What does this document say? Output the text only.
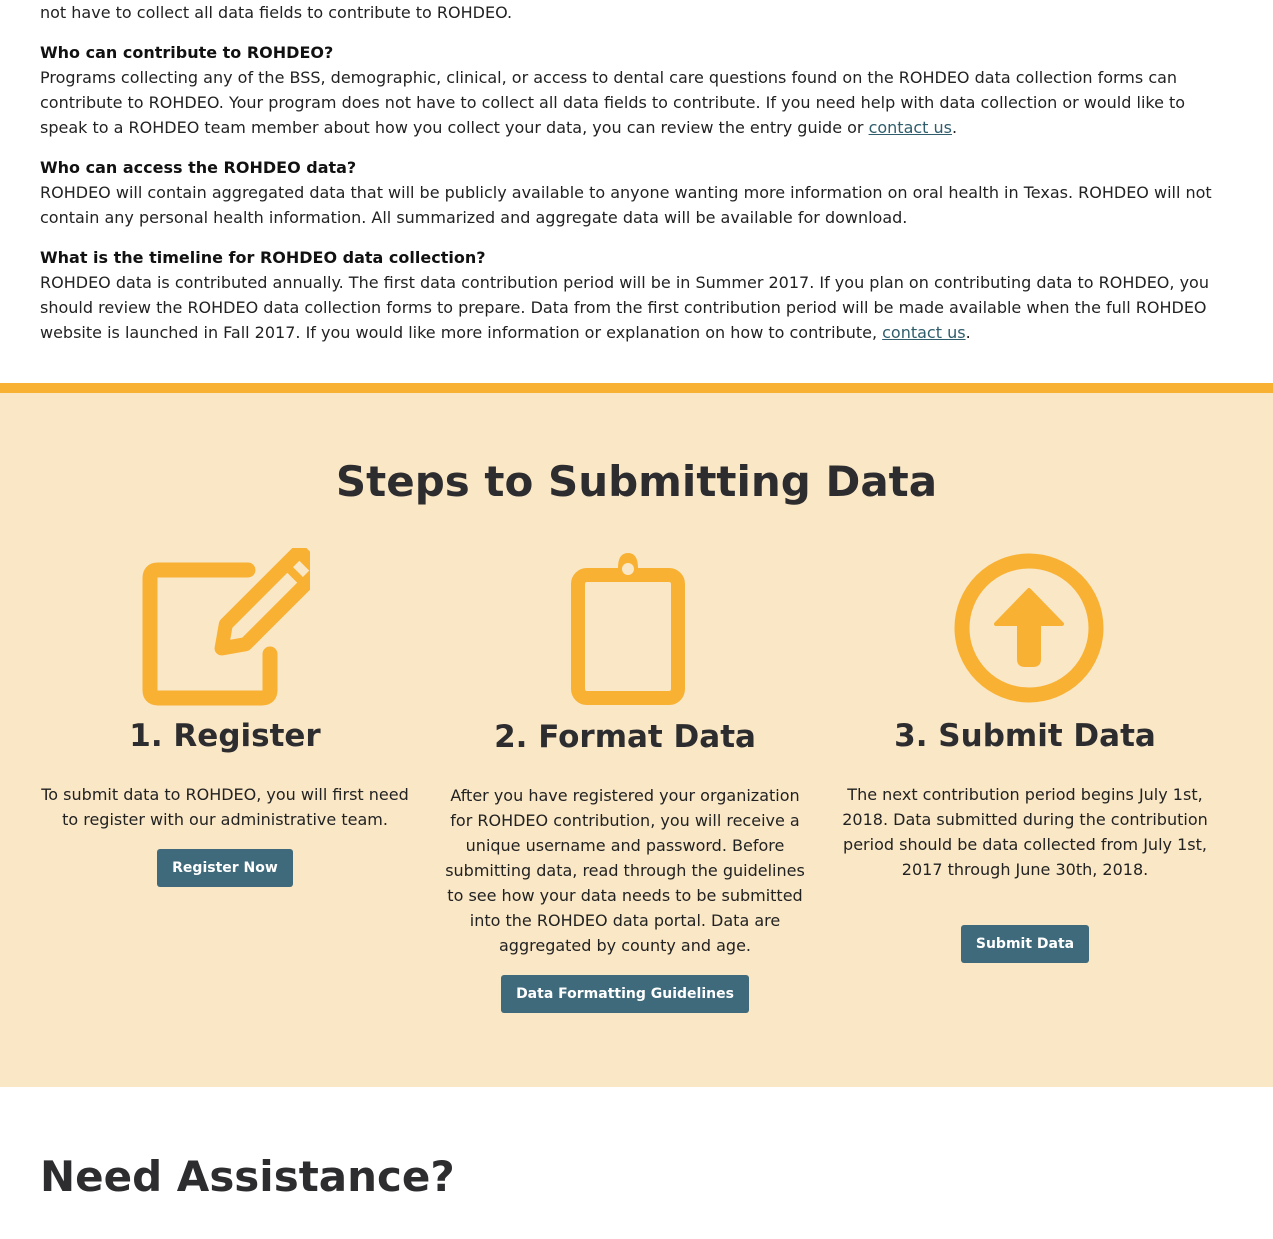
not have to collect all data fields to contribute to ROHDEO.

Who can contribute to ROHDEO?

Programs collecting any of the BSS, demographic, clinical, or access to dental care questions found on the ROHDEO data collection forms can contribute to ROHDEO. Your program does not have to collect all data fields to contribute. If you need help with data collection or would like to speak to a ROHDEO team member about how you collect your data, you can review the entry guide or contact us.

Who can access the ROHDEO data?

ROHDEO will contain aggregated data that will be publicly available to anyone wanting more information on oral health in Texas. ROHDEO will not contain any personal health information. All summarized and aggregate data will be available for download.

What is the timeline for ROHDEO data collection?

ROHDEO data is contributed annually. The first data contribution period will be in Summer 2017. If you plan on contributing data to ROHDEO, you should review the ROHDEO data collection forms to prepare. Data from the first contribution period will be made available when the full ROHDEO website is launched in Fall 2017. If you would like more information or explanation on how to contribute, contact us.

Steps to Submitting Data
1. Register

To submit data to ROHDEO, you will first need to register with our administrative team.

Register Now
2. Format Data

After you have registered your organization for ROHDEO contribution, you will receive a unique username and password. Before submitting data, read through the guidelines to see how your data needs to be submitted into the ROHDEO data portal. Data are aggregated by county and age.

Data Formatting Guidelines
3. Submit Data

The next contribution period begins July 1st, 2018. Data submitted during the contribution period should be data collected from July 1st, 2017 through June 30th, 2018.

Submit Data
Need Assistance?
